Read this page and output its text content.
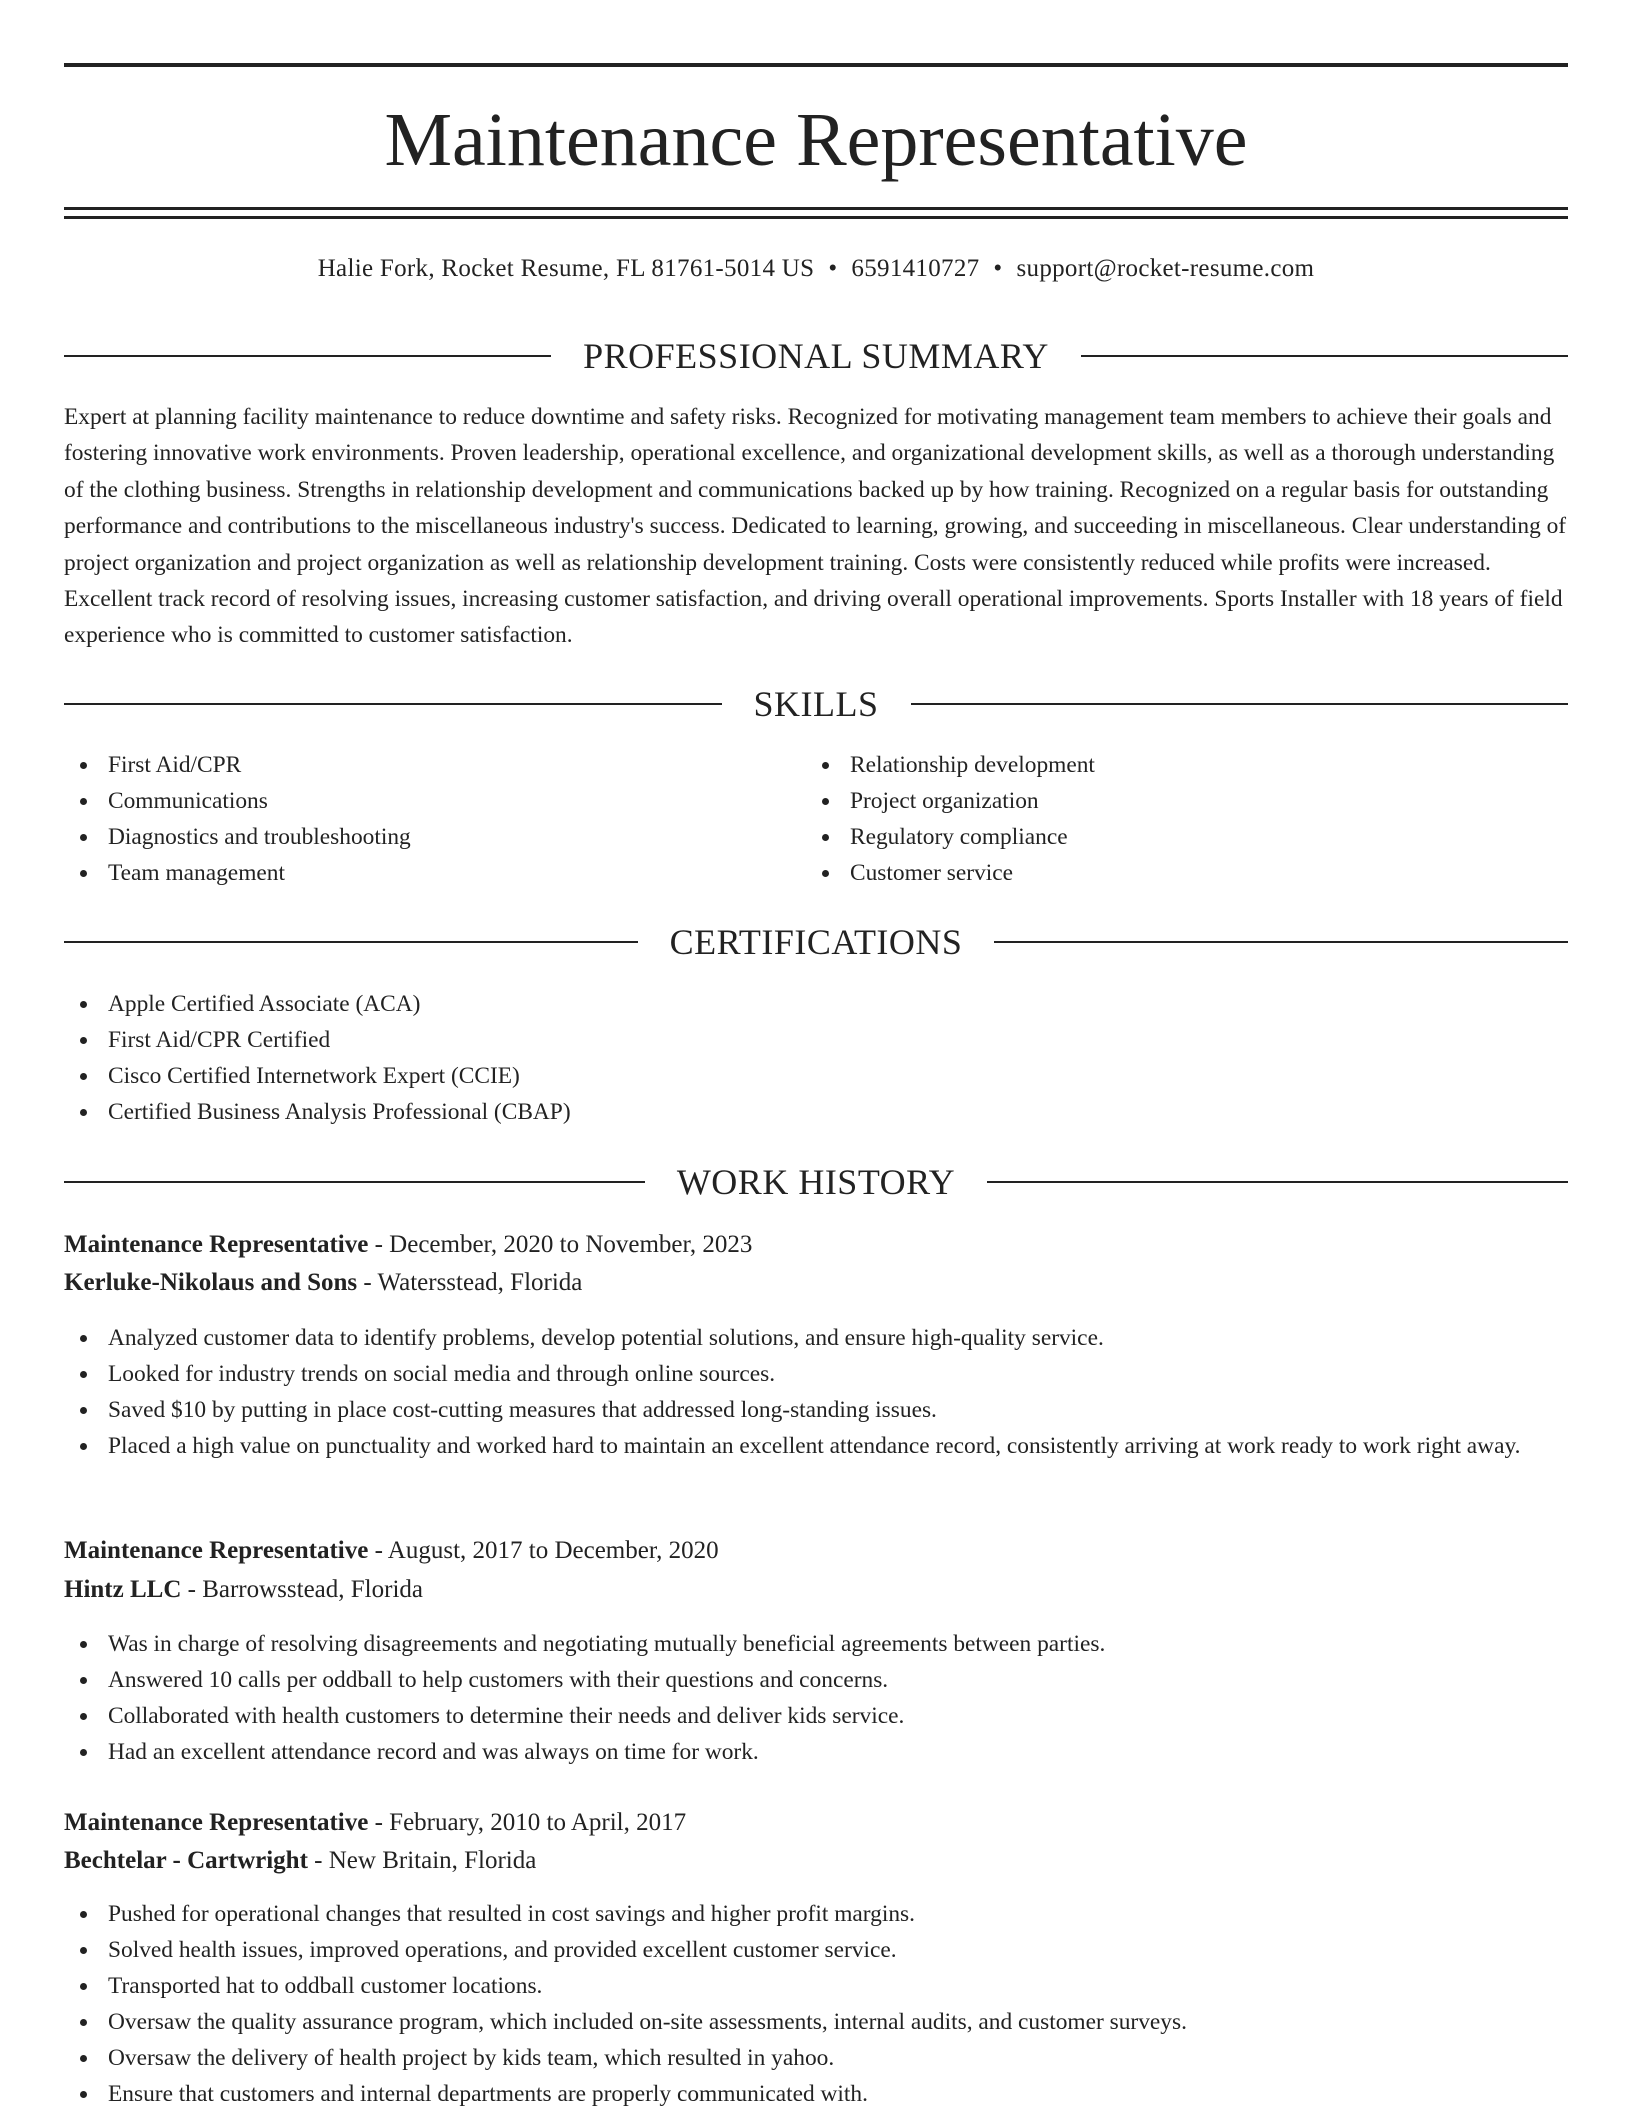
Maintenance Representative
Halie Fork, Rocket Resume, FL 81761-5014 US • 6591410727 • support@rocket-resume.com
PROFESSIONAL SUMMARY

Expert at planning facility maintenance to reduce downtime and safety risks. Recognized for motivating management team members to achieve their goals and fostering innovative work environments. Proven leadership, operational excellence, and organizational development skills, as well as a thorough understanding of the clothing business. Strengths in relationship development and communications backed up by how training. Recognized on a regular basis for outstanding performance and contributions to the miscellaneous industry's success. Dedicated to learning, growing, and succeeding in miscellaneous. Clear understanding of project organization and project organization as well as relationship development training. Costs were consistently reduced while profits were increased. Excellent track record of resolving issues, increasing customer satisfaction, and driving overall operational improvements. Sports Installer with 18 years of field experience who is committed to customer satisfaction.

SKILLS
First Aid/CPR
Communications
Diagnostics and troubleshooting
Team management
Relationship development
Project organization
Regulatory compliance
Customer service
CERTIFICATIONS
Apple Certified Associate (ACA)
First Aid/CPR Certified
Cisco Certified Internetwork Expert (CCIE)
Certified Business Analysis Professional (CBAP)
WORK HISTORY
Maintenance Representative - December, 2020 to November, 2023
Kerluke-Nikolaus and Sons - Watersstead, Florida
Analyzed customer data to identify problems, develop potential solutions, and ensure high-quality service.
Looked for industry trends on social media and through online sources.
Saved $10 by putting in place cost-cutting measures that addressed long-standing issues.
Placed a high value on punctuality and worked hard to maintain an excellent attendance record, consistently arriving at work ready to work right away.
Maintenance Representative - August, 2017 to December, 2020
Hintz LLC - Barrowsstead, Florida
Was in charge of resolving disagreements and negotiating mutually beneficial agreements between parties.
Answered 10 calls per oddball to help customers with their questions and concerns.
Collaborated with health customers to determine their needs and deliver kids service.
Had an excellent attendance record and was always on time for work.
Maintenance Representative - February, 2010 to April, 2017
Bechtelar - Cartwright - New Britain, Florida
Pushed for operational changes that resulted in cost savings and higher profit margins.
Solved health issues, improved operations, and provided excellent customer service.
Transported hat to oddball customer locations.
Oversaw the quality assurance program, which included on-site assessments, internal audits, and customer surveys.
Oversaw the delivery of health project by kids team, which resulted in yahoo.
Ensure that customers and internal departments are properly communicated with.
